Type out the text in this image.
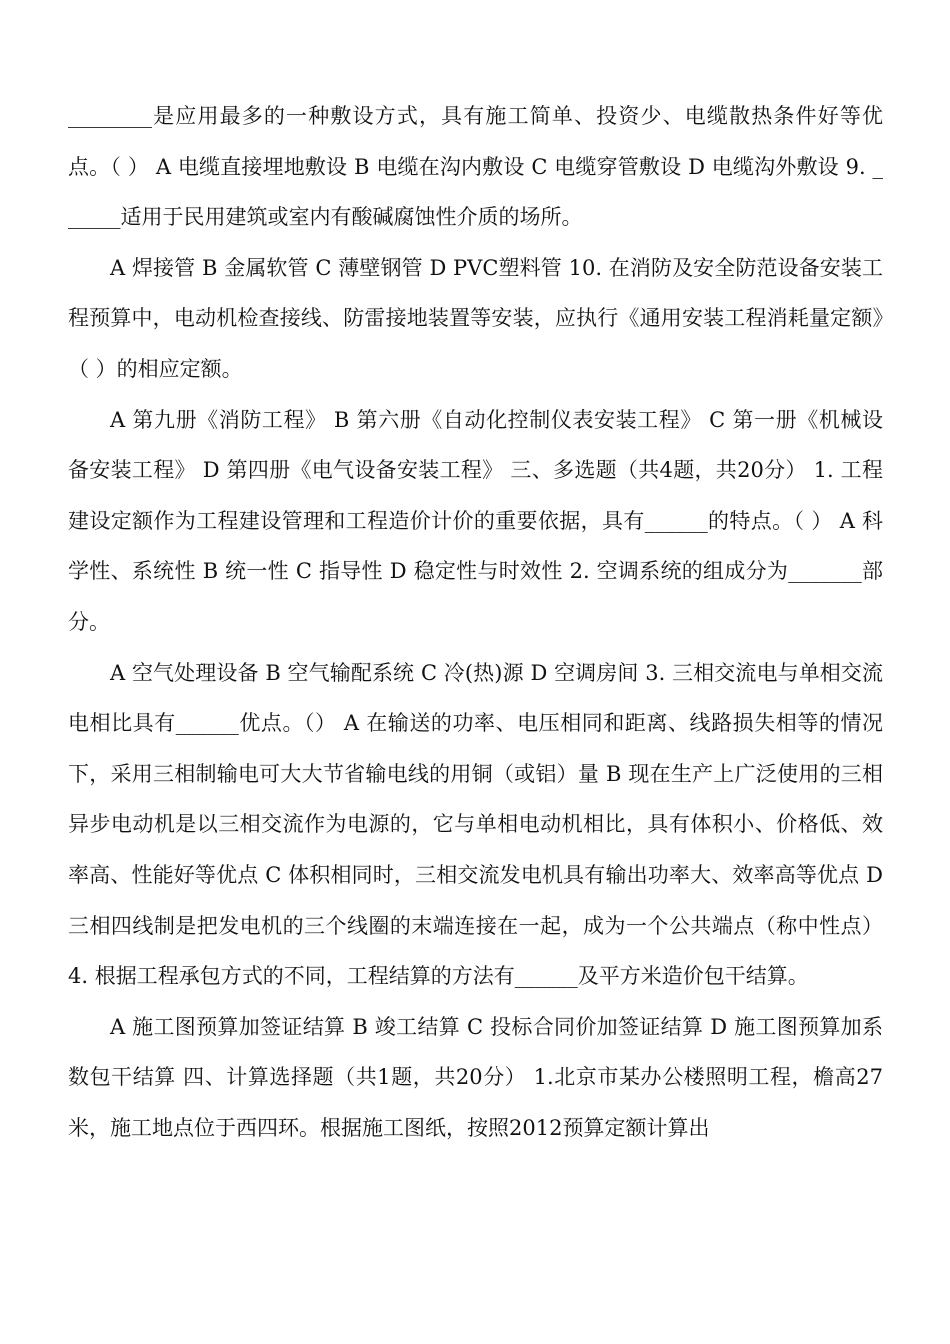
________是应用最多的一种敷设方式，具有施工简单、投资少、电缆散热条件好等优点。（ ） A 电缆直接埋地敷设 B 电缆在沟内敷设 C 电缆穿管敷设 D 电缆沟外敷设 9. ______适用于民用建筑或室内有酸碱腐蚀性介质的场所。

A 焊接管 B 金属软管 C 薄壁钢管 D PVC塑料管 10. 在消防及安全防范设备安装工程预算中，电动机检查接线、防雷接地装置等安装，应执行《通用安装工程消耗量定额》（ ）的相应定额。

A 第九册《消防工程》 B 第六册《自动化控制仪表安装工程》 C 第一册《机械设备安装工程》 D 第四册《电气设备安装工程》 三、多选题（共4题，共20分） 1. 工程建设定额作为工程建设管理和工程造价计价的重要依据，具有______的特点。（ ） A 科学性、系统性 B 统一性 C 指导性 D 稳定性与时效性 2. 空调系统的组成分为_______部分。

A 空气处理设备 B 空气输配系统 C 冷(热)源 D 空调房间 3. 三相交流电与单相交流电相比具有______优点。（） A 在输送的功率、电压相同和距离、线路损失相等的情况下，采用三相制输电可大大节省输电线的用铜（或铝）量 B 现在生产上广泛使用的三相异步电动机是以三相交流作为电源的，它与单相电动机相比，具有体积小、价格低、效率高、性能好等优点 C 体积相同时，三相交流发电机具有输出功率大、效率高等优点 D 三相四线制是把发电机的三个线圈的末端连接在一起，成为一个公共端点（称中性点） 4. 根据工程承包方式的不同，工程结算的方法有______及平方米造价包干结算。

A 施工图预算加签证结算 B 竣工结算 C 投标合同价加签证结算 D 施工图预算加系数包干结算 四、计算选择题（共1题，共20分） 1.北京市某办公楼照明工程，檐高27米，施工地点位于西四环。根据施工图纸，按照2012预算定额计算出
